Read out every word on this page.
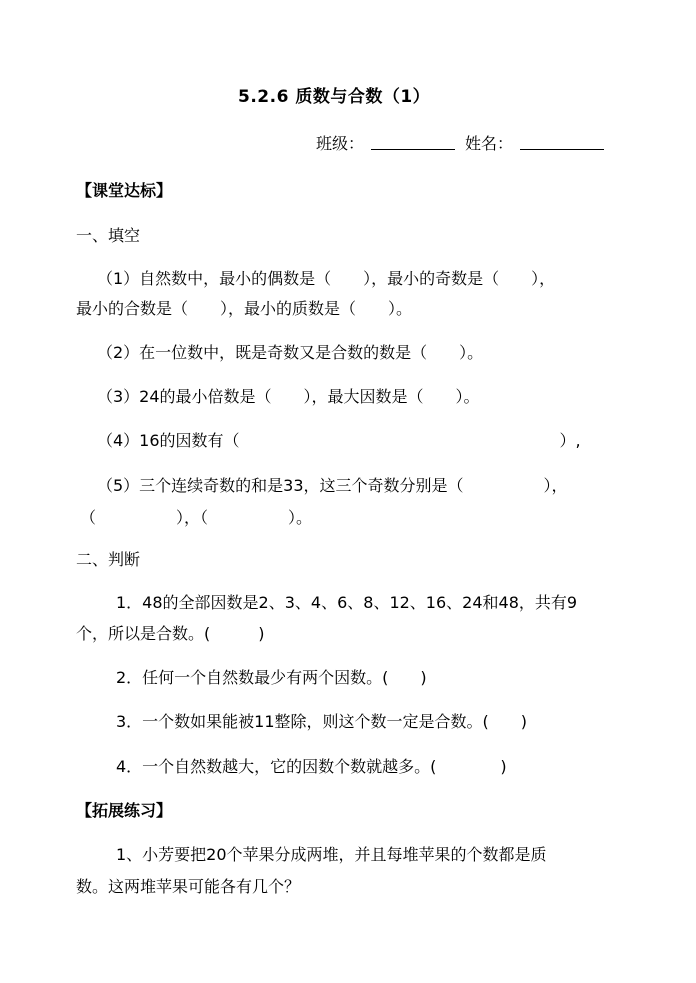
5.2.6 质数与合数（1）
班级：	姓名：
【课堂达标】
一、填空
（1）自然数中，最小的偶数是（　　），最小的奇数是（　　），
最小的合数是（　　），最小的质数是（　　）。
（2）在一位数中，既是奇数又是合数的数是（　　）。
（3）24的最小倍数是（　　），最大因数是（　　）。
（4）16的因数有（　　　　　　　　　　　　　　　　　　　　）,
（5）三个连续奇数的和是33，这三个奇数分别是（　　　　　），
（　　　　　），（　　　　　）。
二、判断
1．48的全部因数是2、3、4、6、8、12、16、24和48，共有9
个，所以是合数。(　　　)
2．任何一个自然数最少有两个因数。(　　)
3．一个数如果能被11整除，则这个数一定是合数。(　　)
4．一个自然数越大，它的因数个数就越多。(　　　　)
【拓展练习】
1、小芳要把20个苹果分成两堆，并且每堆苹果的个数都是质
数。这两堆苹果可能各有几个？
